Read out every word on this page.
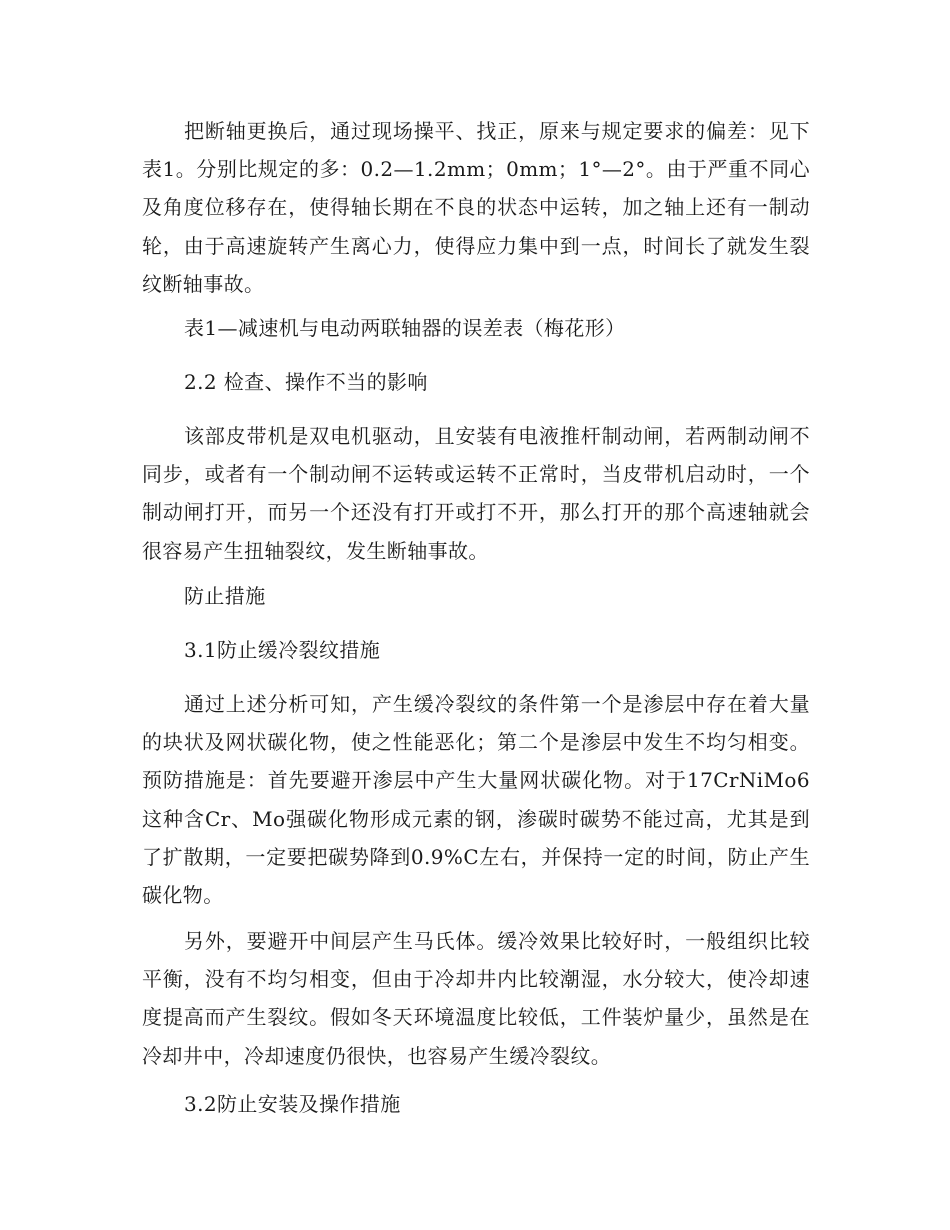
把断轴更换后，通过现场操平、找正，原来与规定要求的偏差：见下表1。分别比规定的多：0.2—1.2mm；0mm；1°—2°。由于严重不同心及角度位移存在，使得轴长期在不良的状态中运转，加之轴上还有一制动轮，由于高速旋转产生离心力，使得应力集中到一点，时间长了就发生裂纹断轴事故。

表1—减速机与电动两联轴器的误差表（梅花形）

2.2 检查、操作不当的影响

该部皮带机是双电机驱动，且安装有电液推杆制动闸，若两制动闸不同步，或者有一个制动闸不运转或运转不正常时，当皮带机启动时，一个制动闸打开，而另一个还没有打开或打不开，那么打开的那个高速轴就会很容易产生扭轴裂纹，发生断轴事故。

防止措施

3.1防止缓冷裂纹措施

通过上述分析可知，产生缓冷裂纹的条件第一个是渗层中存在着大量的块状及网状碳化物，使之性能恶化；第二个是渗层中发生不均匀相变。预防措施是：首先要避开渗层中产生大量网状碳化物。对于17CrNiMo6这种含Cr、Mo强碳化物形成元素的钢，渗碳时碳势不能过高，尤其是到了扩散期，一定要把碳势降到0.9%C左右，并保持一定的时间，防止产生碳化物。

另外，要避开中间层产生马氏体。缓冷效果比较好时，一般组织比较平衡，没有不均匀相变，但由于冷却井内比较潮湿，水分较大，使冷却速度提高而产生裂纹。假如冬天环境温度比较低，工件装炉量少，虽然是在冷却井中，冷却速度仍很快，也容易产生缓冷裂纹。

3.2防止安装及操作措施
